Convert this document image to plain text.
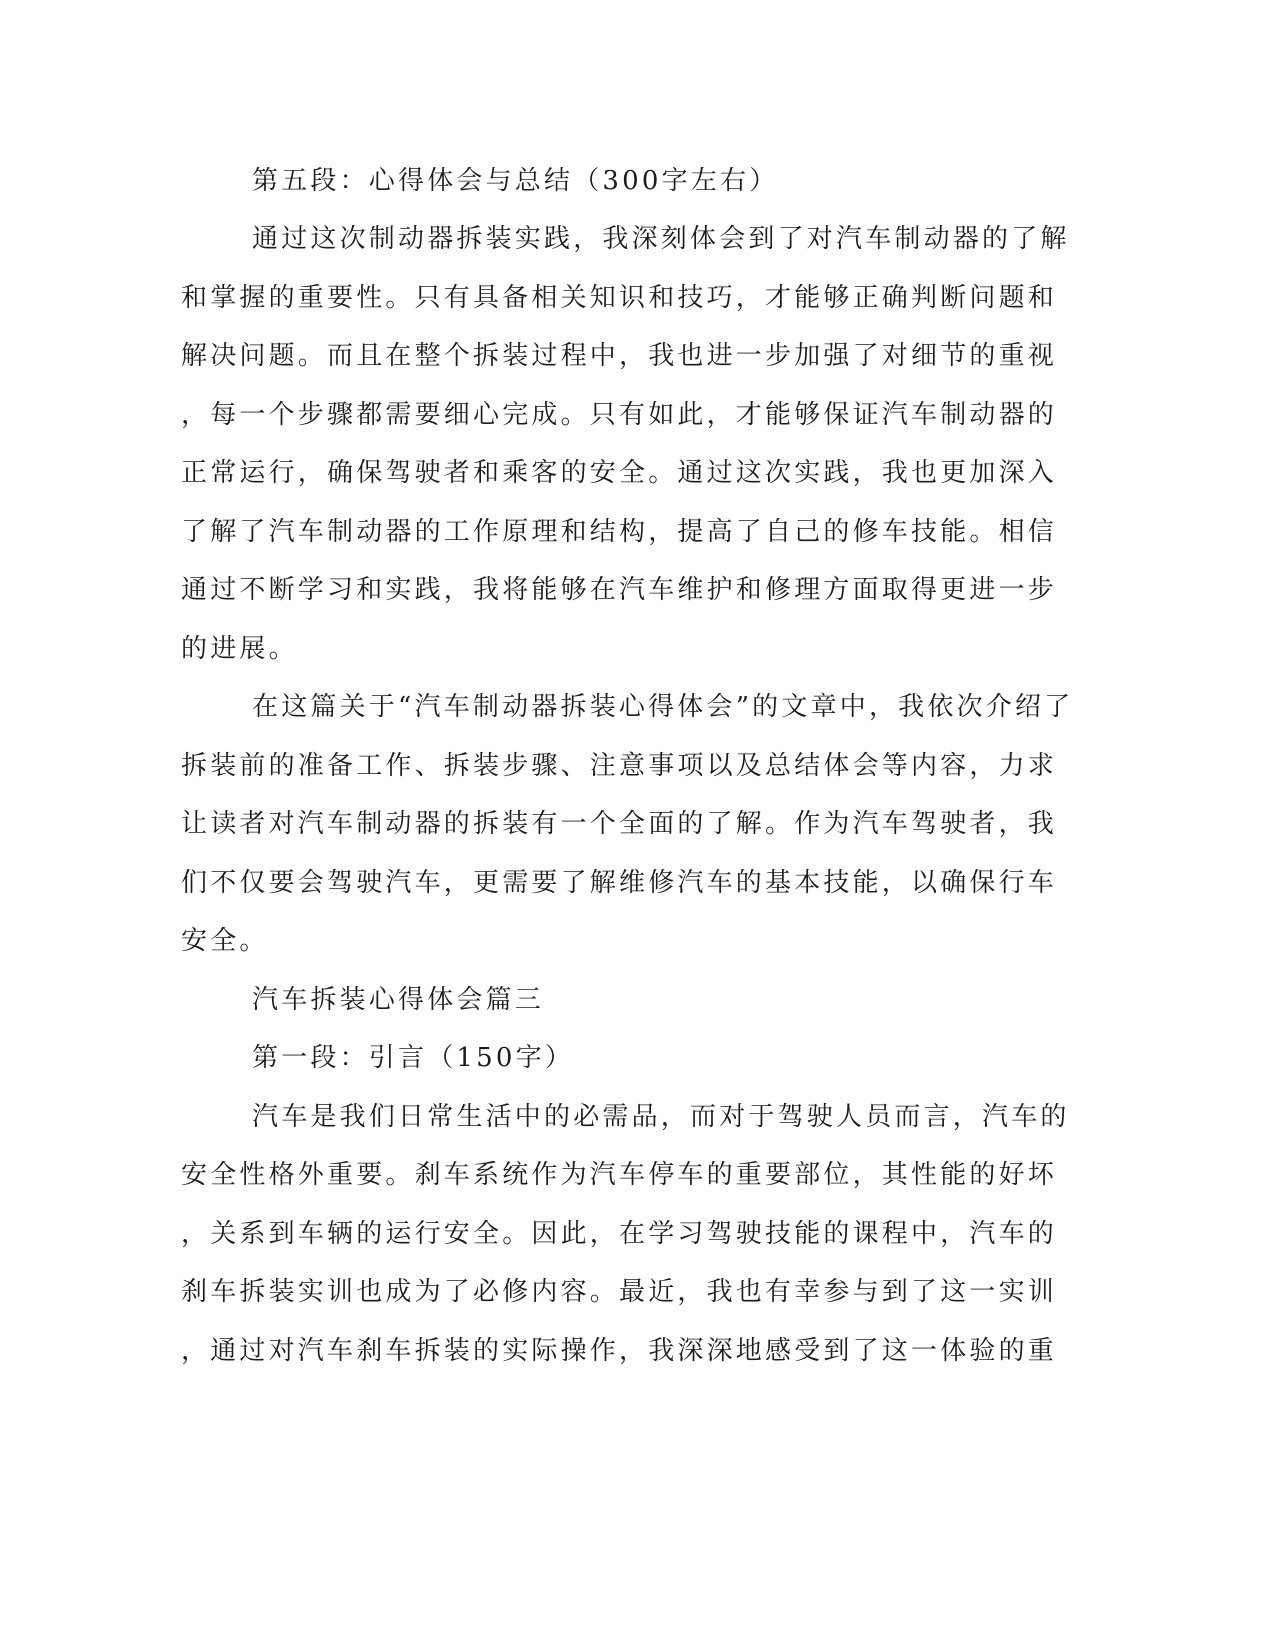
第五段：心得体会与总结（300字左右）
通过这次制动器拆装实践，我深刻体会到了对汽车制动器的了解
和掌握的重要性。只有具备相关知识和技巧，才能够正确判断问题和
解决问题。而且在整个拆装过程中，我也进一步加强了对细节的重视
，每一个步骤都需要细心完成。只有如此，才能够保证汽车制动器的
正常运行，确保驾驶者和乘客的安全。通过这次实践，我也更加深入
了解了汽车制动器的工作原理和结构，提高了自己的修车技能。相信
通过不断学习和实践，我将能够在汽车维护和修理方面取得更进一步
的进展。
在这篇关于“汽车制动器拆装心得体会”的文章中，我依次介绍了
拆装前的准备工作、拆装步骤、注意事项以及总结体会等内容，力求
让读者对汽车制动器的拆装有一个全面的了解。作为汽车驾驶者，我
们不仅要会驾驶汽车，更需要了解维修汽车的基本技能，以确保行车
安全。
汽车拆装心得体会篇三
第一段：引言（150字）
汽车是我们日常生活中的必需品，而对于驾驶人员而言，汽车的
安全性格外重要。刹车系统作为汽车停车的重要部位，其性能的好坏
，关系到车辆的运行安全。因此，在学习驾驶技能的课程中，汽车的
刹车拆装实训也成为了必修内容。最近，我也有幸参与到了这一实训
，通过对汽车刹车拆装的实际操作，我深深地感受到了这一体验的重
